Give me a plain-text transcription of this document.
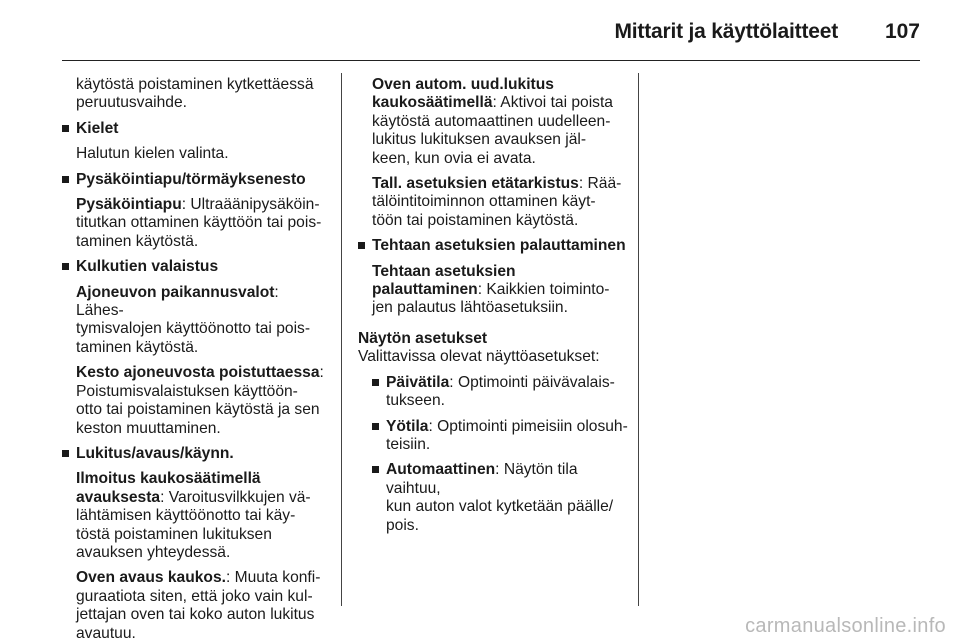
Mittarit ja käyttölaitteet 107
käytöstä poistaminen kytkettäessä
peruutusvaihde.
Kielet
Halutun kielen valinta.
Pysäköintiapu/törmäyksenesto
Pysäköintiapu: Ultraäänipysäköin-
titutkan ottaminen käyttöön tai pois-
taminen käytöstä.
Kulkutien valaistus
Ajoneuvon paikannusvalot: Lähes-
tymisvalojen käyttöönotto tai pois-
taminen käytöstä.
Kesto ajoneuvosta poistuttaessa:
Poistumisvalaistuksen käyttöön-
otto tai poistaminen käytöstä ja sen
keston muuttaminen.
Lukitus/avaus/käynn.
Ilmoitus kaukosäätimellä
avauksesta: Varoitusvilkkujen vä-
lähtämisen käyttöönotto tai käy-
töstä poistaminen lukituksen
avauksen yhteydessä.
Oven avaus kaukos.: Muuta konfi-
guraatiota siten, että joko vain kul-
jettajan oven tai koko auton lukitus
avautuu.
Oven autom. uud.lukitus
kaukosäätimellä: Aktivoi tai poista
käytöstä automaattinen uudelleen-
lukitus lukituksen avauksen jäl-
keen, kun ovia ei avata.
Tall. asetuksien etätarkistus: Rää-
tälöintitoiminnon ottaminen käyt-
töön tai poistaminen käytöstä.
Tehtaan asetuksien palauttaminen
Tehtaan asetuksien
palauttaminen: Kaikkien toiminto-
jen palautus lähtöasetuksiin.
Näytön asetukset
Valittavissa olevat näyttöasetukset:
Päivätila: Optimointi päivävalais-
tukseen.
Yötila: Optimointi pimeisiin olosuh-
teisiin.
Automaattinen: Näytön tila vaihtuu,
kun auton valot kytketään päälle/
pois.
carmanualsonline.info
